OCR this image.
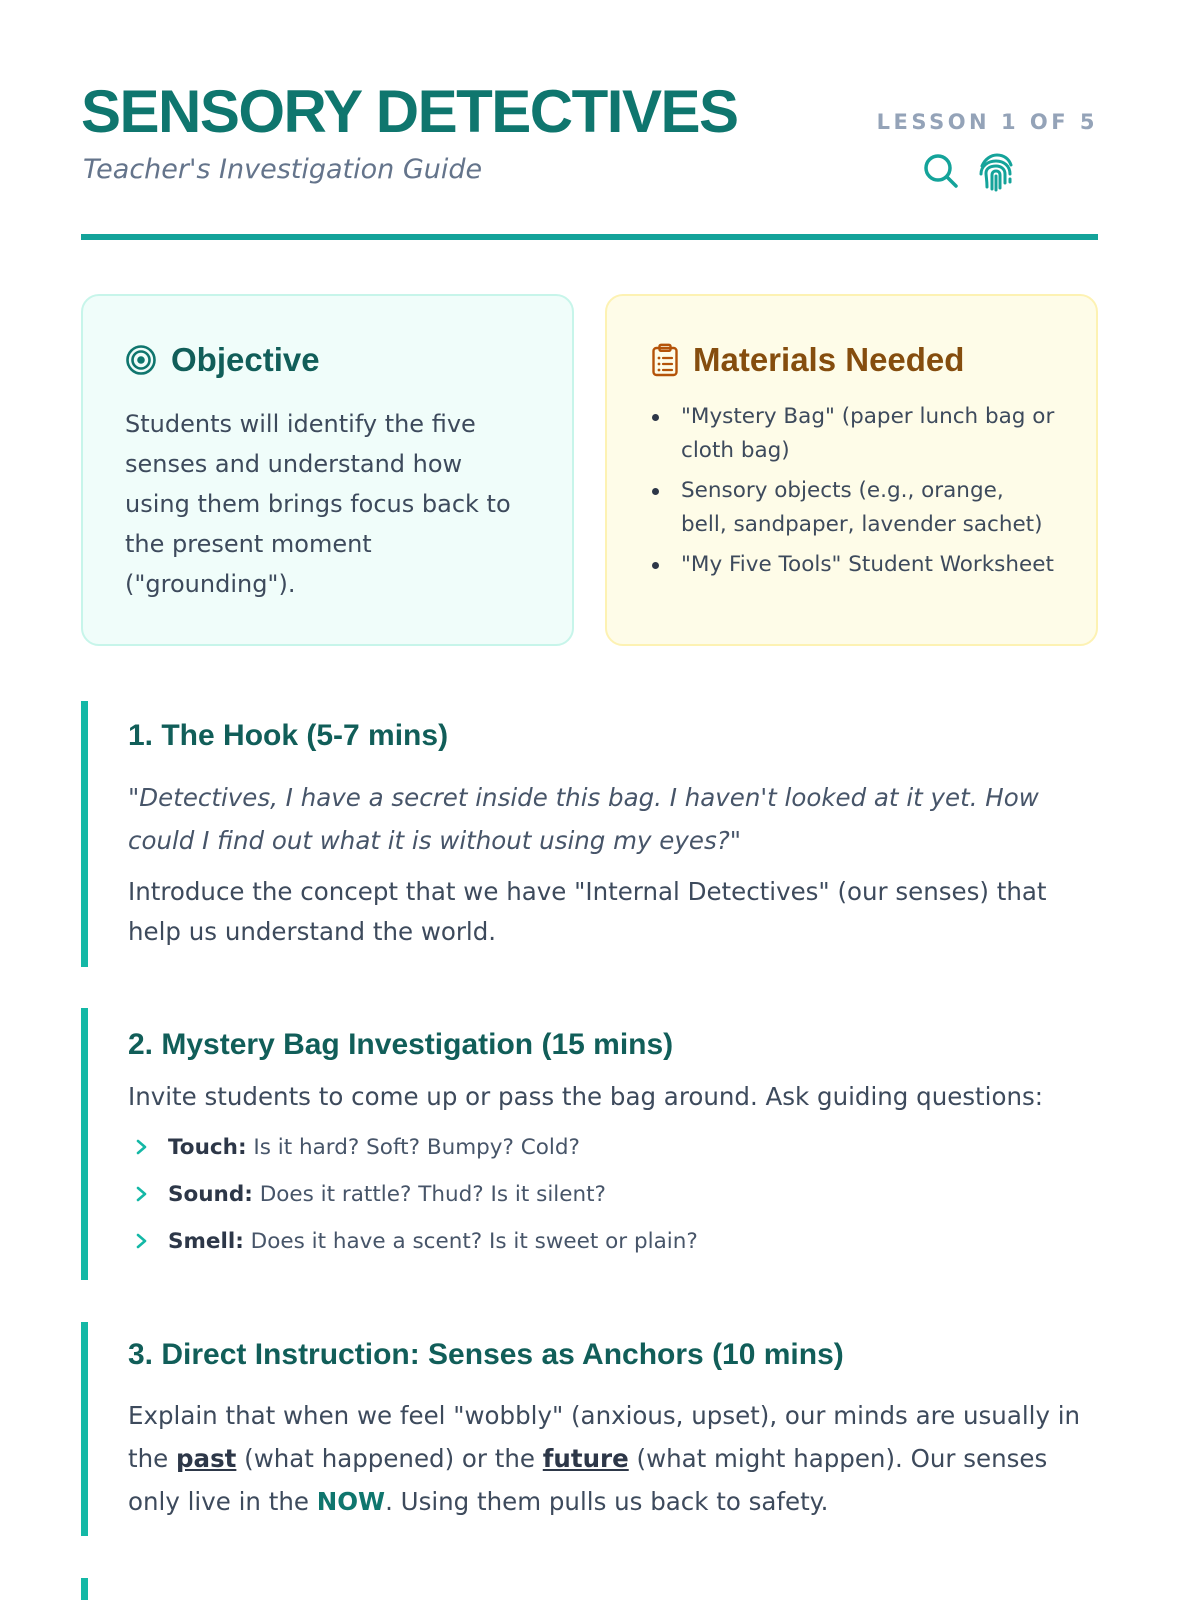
SENSORY DETECTIVES
Teacher's Investigation Guide
LESSON 1 OF 5
Objective

Students will identify the five senses and understand how using them brings focus back to the present moment ("grounding").

Materials Needed
"Mystery Bag" (paper lunch bag or cloth bag)
Sensory objects (e.g., orange, bell, sandpaper, lavender sachet)
"My Five Tools" Student Worksheet
1. The Hook (5-7 mins)

"Detectives, I have a secret inside this bag. I haven't looked at it yet. How could I find out what it is without using my eyes?"

Introduce the concept that we have "Internal Detectives" (our senses) that help us understand the world.

2. Mystery Bag Investigation (15 mins)

Invite students to come up or pass the bag around. Ask guiding questions:

Touch: Is it hard? Soft? Bumpy? Cold?
Sound: Does it rattle? Thud? Is it silent?
Smell: Does it have a scent? Is it sweet or plain?
3. Direct Instruction: Senses as Anchors (10 mins)

Explain that when we feel "wobbly" (anxious, upset), our minds are usually in the past (what happened) or the future (what might happen). Our senses only live in the NOW. Using them pulls us back to safety.
